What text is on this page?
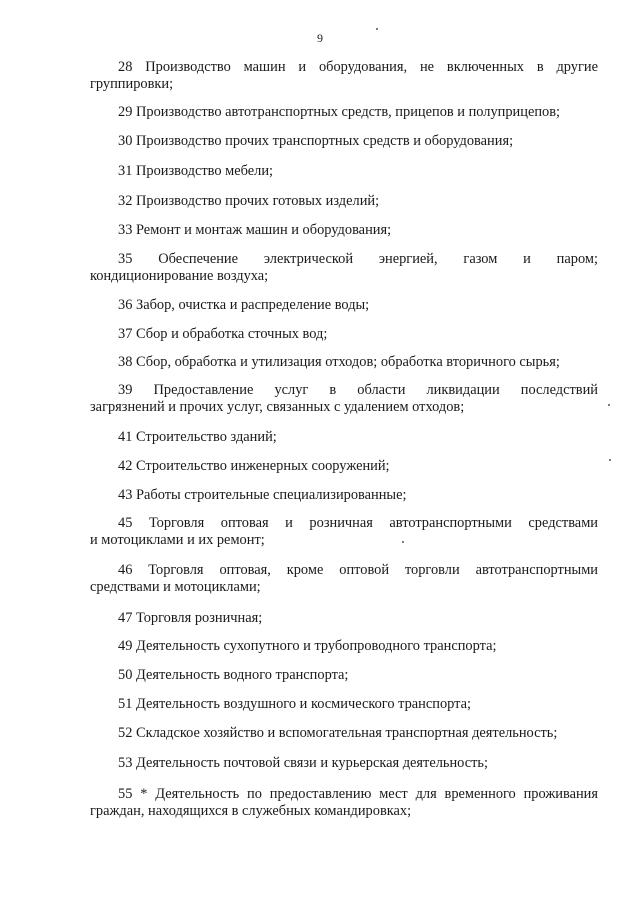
9
28 Производство машин и оборудования, не включенных в другие
группировки;
29 Производство автотранспортных средств, прицепов и полуприцепов;
30 Производство прочих транспортных средств и оборудования;
31 Производство мебели;
32 Производство прочих готовых изделий;
33 Ремонт и монтаж машин и оборудования;
35 Обеспечение электрической энергией, газом и паром;
кондиционирование воздуха;
36 Забор, очистка и распределение воды;
37 Сбор и обработка сточных вод;
38 Сбор, обработка и утилизация отходов; обработка вторичного сырья;
39 Предоставление услуг в области ликвидации последствий
загрязнений и прочих услуг, связанных с удалением отходов;
41 Строительство зданий;
42 Строительство инженерных сооружений;
43 Работы строительные специализированные;
45 Торговля оптовая и розничная автотранспортными средствами
и мотоциклами и их ремонт;
46 Торговля оптовая, кроме оптовой торговли автотранспортными
средствами и мотоциклами;
47 Торговля розничная;
49 Деятельность сухопутного и трубопроводного транспорта;
50 Деятельность водного транспорта;
51 Деятельность воздушного и космического транспорта;
52 Складское хозяйство и вспомогательная транспортная деятельность;
53 Деятельность почтовой связи и курьерская деятельность;
55 * Деятельность по предоставлению мест для временного проживания
граждан, находящихся в служебных командировках;
